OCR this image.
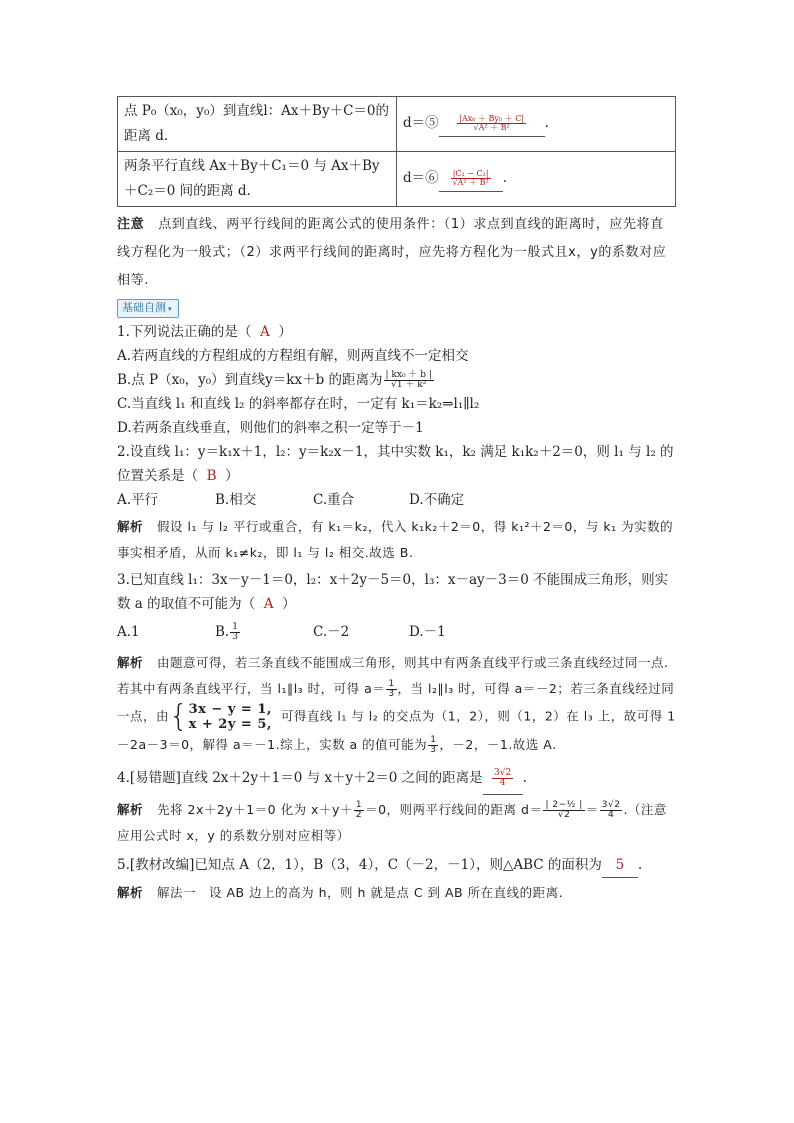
点 P₀（x₀，y₀）到直线l：Ax＋By＋C＝0的距离 d.	d＝⑤ $\frac{\text{|Ax₀ ＋ By₀ ＋ C|}}{\text{√A² ＋ B²}}$ .
两条平行直线 Ax＋By＋C₁＝0 与 Ax＋By＋C₂＝0 间的距离 d.	d＝⑥ $\frac{\text{|C₁ − C₂|}}{\text{√A² ＋ B²}}$ .
注意 点到直线、两平行线间的距离公式的使用条件：（1）求点到直线的距离时，应先将直线方程化为一般式；（2）求两平行线间的距离时，应先将方程化为一般式且x，y的系数对应相等.
基础自测 ▾

1.下列说法正确的是（ A ）

A.若两直线的方程组成的方程组有解，则两直线不一定相交

B.点 P（x₀，y₀）到直线y＝kx＋b 的距离为 $\frac{\text{| kx₀ ＋ b |}}{\text{√1 ＋ k²}}$

C.当直线 l₁ 和直线 l₂ 的斜率都存在时，一定有 k₁＝k₂⇒l₁∥l₂

D.若两条直线垂直，则他们的斜率之积一定等于－1

2.设直线 l₁：y＝k₁x＋1，l₂：y＝k₂x－1，其中实数 k₁，k₂ 满足 k₁k₂＋2＝0，则 l₁ 与 l₂ 的位置关系是（ B ）

A.平行	B.相交	C.重合	D.不确定

解析 假设 l₁ 与 l₂ 平行或重合，有 k₁＝k₂，代入 k₁k₂＋2＝0，得 k₁²＋2＝0，与 k₁ 为实数的事实相矛盾，从而 k₁≠k₂，即 l₁ 与 l₂ 相交.故选 B.

3.已知直线 l₁：3x－y－1＝0，l₂：x＋2y－5＝0，l₃：x－ay－3＝0 不能围成三角形，则实数 a 的取值不可能为（ A ）

A.1	B. $\frac{1}{3}$	C.－2	D.－1

解析 由题意可得，若三条直线不能围成三角形，则其中有两条直线平行或三条直线经过同一点.若其中有两条直线平行，当 l₁∥l₃ 时，可得 $a= \frac{1}{3}$ ，当 l₂∥l₃ 时，可得 a＝－2；若三条直线经过同一点，由{ 3x − y = 1,
x + 2y = 5,
可得直线 l₁ 与 l₂ 的交点为（1，2），则（1，2）在 l₃ 上，故可得 1－2a－3＝0，解得 a＝－1.综上，实数 a 的值可能为 $\frac{1}{3}$ ，－2，－1.故选 A.

4.[易错题]直线 2x＋2y＋1＝0 与 x＋y＋2＝0 之间的距离是 $\frac{3√2}{4}$ .

解析 先将 2x＋2y＋1＝0 化为 $x+y+ \frac{1}{2} =0$，则两平行线间的距离 $d= \frac{\text{| 2−½ |}}{√2} = \frac{3√2}{4}$ .（注意应用公式时 x，y 的系数分别对应相等）

5.[教材改编]已知点 A（2，1），B（3，4），C（－2，－1），则△ABC 的面积为 5 .

解析 解法一　设 AB 边上的高为 h，则 h 就是点 C 到 AB 所在直线的距离.
